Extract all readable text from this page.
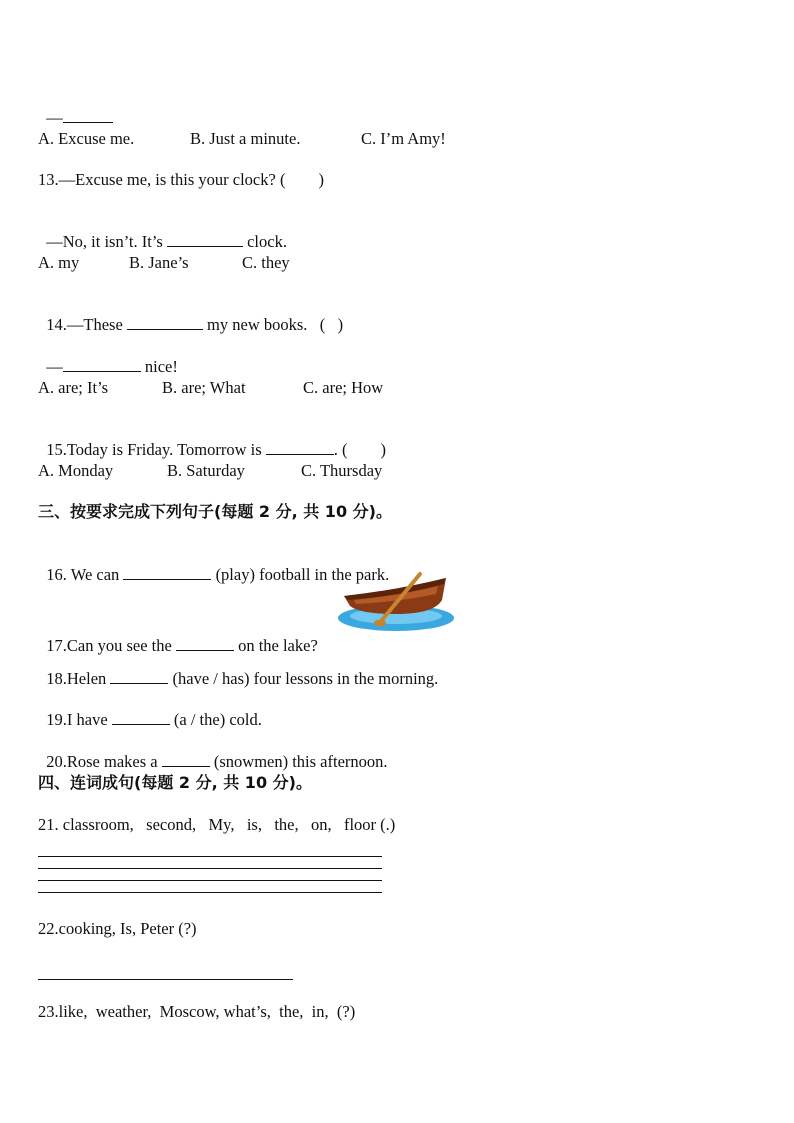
—

A. Excuse me.	B. Just a minute.	C. I’m Amy!
13.—Excuse me, is this your clock? (        )

—No, it isn’t. It’s	clock.

A. my	B. Jane’s	C. they

14.—These	my new books.   (   )

—	nice!

A. are; It’s	B. are; What	C. are; How

15.Today is Friday. Tomorrow is	. (        )

A. Monday	B. Saturday	C. Thursday
三、按要求完成下列句子(每题 2 分, 共 10 分)。

16. We can	(play) football in the park.

17.Can you see the	on the lake?

18.Helen	(have / has) four lessons in the morning.

19.I have	(a / the) cold.

20.Rose makes a	(snowmen) this afternoon.

四、连词成句(每题 2 分, 共 10 分)。
21. classroom,   second,   My,   is,   the,   on,   floor (.)
22.cooking, Is, Peter (?)
23.like,  weather,  Moscow, what’s,  the,  in,  (?)
